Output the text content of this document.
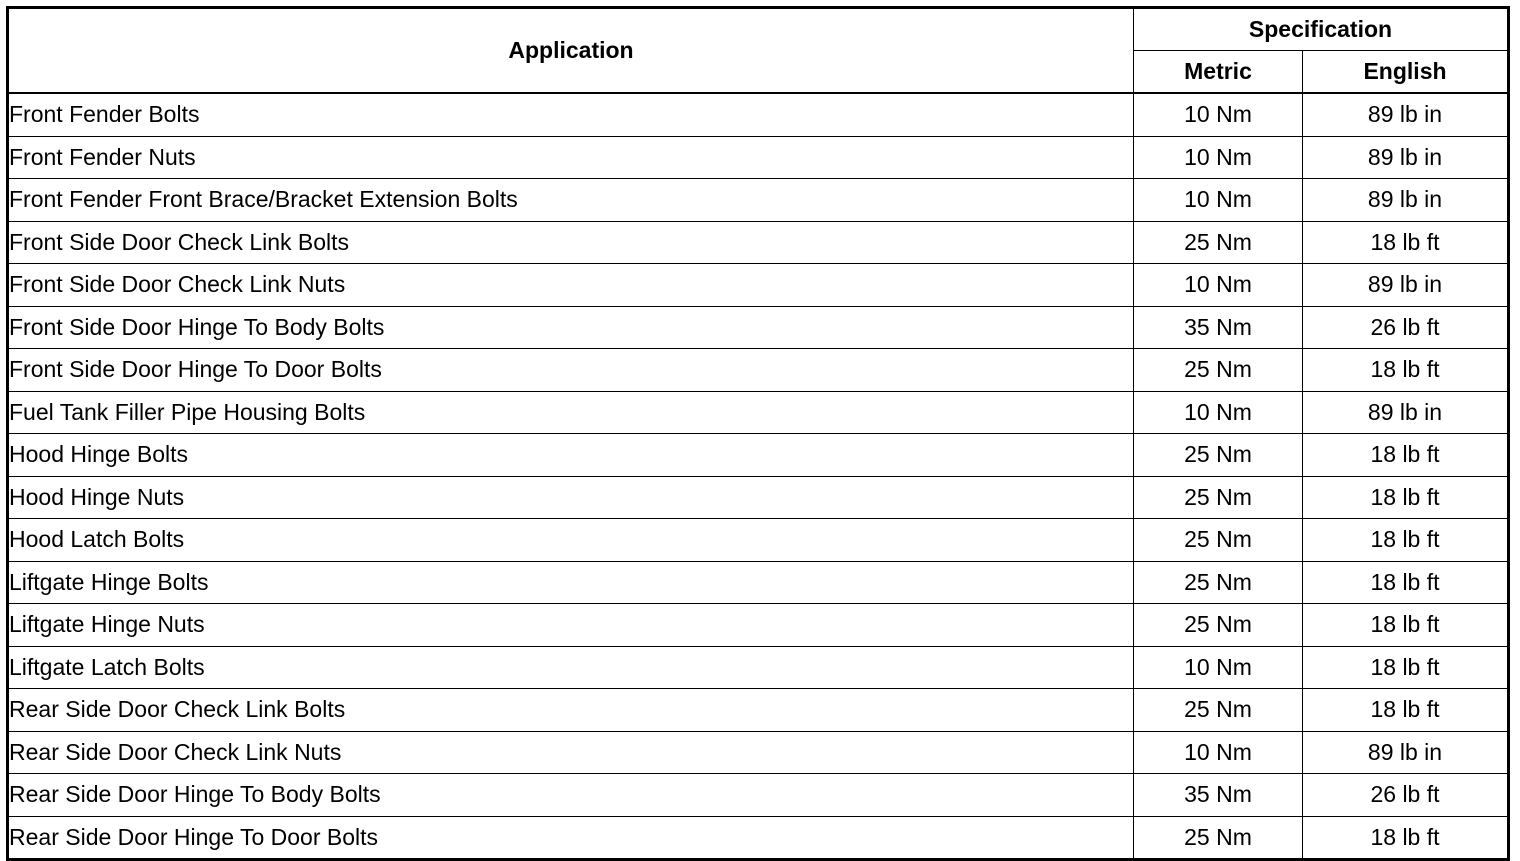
Application	Specification	
	Metric	English
Front Fender Bolts	10 Nm	89 lb in
Front Fender Nuts	10 Nm	89 lb in
Front Fender Front Brace/Bracket Extension Bolts	10 Nm	89 lb in
Front Side Door Check Link Bolts	25 Nm	18 lb ft
Front Side Door Check Link Nuts	10 Nm	89 lb in
Front Side Door Hinge To Body Bolts	35 Nm	26 lb ft
Front Side Door Hinge To Door Bolts	25 Nm	18 lb ft
Fuel Tank Filler Pipe Housing Bolts	10 Nm	89 lb in
Hood Hinge Bolts	25 Nm	18 lb ft
Hood Hinge Nuts	25 Nm	18 lb ft
Hood Latch Bolts	25 Nm	18 lb ft
Liftgate Hinge Bolts	25 Nm	18 lb ft
Liftgate Hinge Nuts	25 Nm	18 lb ft
Liftgate Latch Bolts	10 Nm	18 lb ft
Rear Side Door Check Link Bolts	25 Nm	18 lb ft
Rear Side Door Check Link Nuts	10 Nm	89 lb in
Rear Side Door Hinge To Body Bolts	35 Nm	26 lb ft
Rear Side Door Hinge To Door Bolts	25 Nm	18 lb ft
